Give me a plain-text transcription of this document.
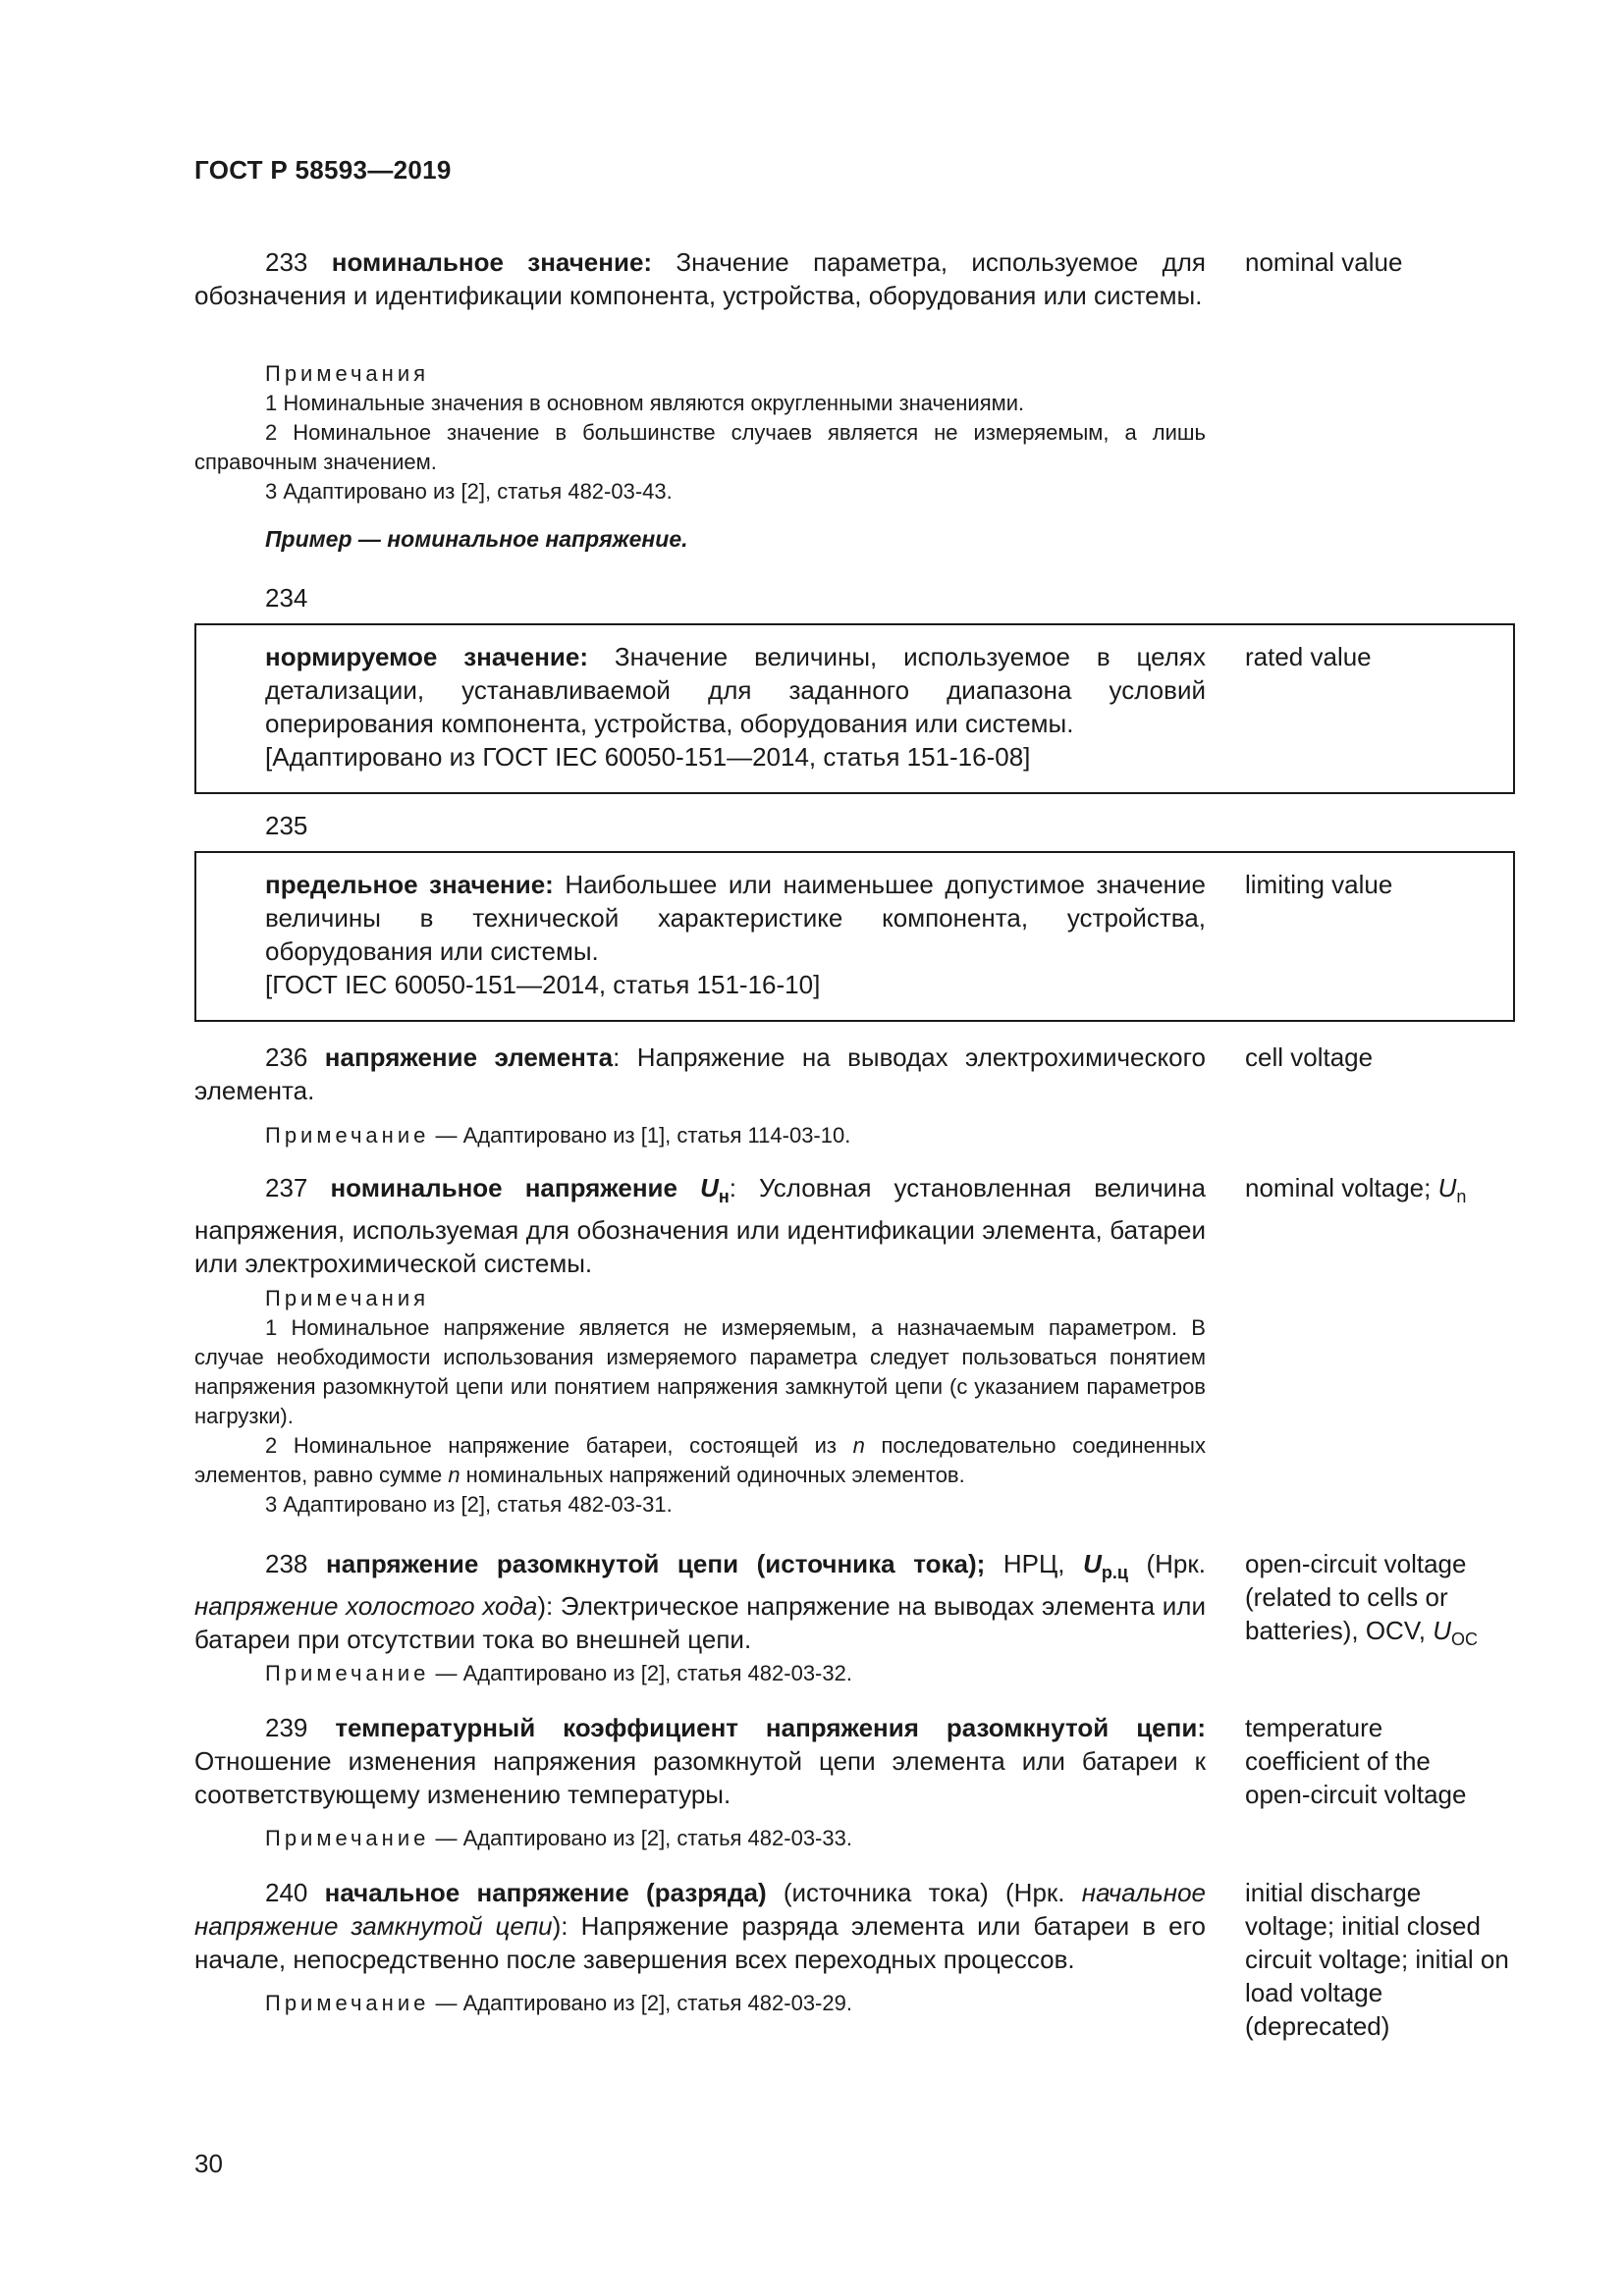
ГОСТ Р 58593—2019

233 номинальное значение: Значение параметра, используемое для обозначения и идентификации компонента, устройства, оборудования или системы.

nominal value

Примечания

1 Номинальные значения в основном являются округленными значениями.

2 Номинальное значение в большинстве случаев является не измеряемым, а лишь справочным значением.

3 Адаптировано из [2], статья 482-03-43.

Пример — номинальное напряжение.
234

нормируемое значение: Значение величины, используемое в целях детализации, устанавливаемой для заданного диапазона условий оперирования компонента, устройства, оборудования или системы.

[Адаптировано из ГОСТ IEC 60050-151—2014, статья 151-16-08]

rated value
235

предельное значение: Наибольшее или наименьшее допустимое значение величины в технической характеристике компонента, устройства, оборудования или системы.

[ГОСТ IEC 60050-151—2014, статья 151-16-10]

limiting value

236 напряжение элемента: Напряжение на выводах электрохимического элемента.

cell voltage

Примечание — Адаптировано из [1], статья 114-03-10.

237 номинальное напряжение $U_н$: Условная установленная величина напряжения, используемая для обозначения или идентификации элемента, батареи или электрохимической системы.

nominal voltage; $U_n$

Примечания

1 Номинальное напряжение является не измеряемым, а назначаемым параметром. В случае необходимости использования измеряемого параметра следует пользоваться понятием напряжения разомкнутой цепи или понятием напряжения замкнутой цепи (с указанием параметров нагрузки).

2 Номинальное напряжение батареи, состоящей из n последовательно соединенных элементов, равно сумме n номинальных напряжений одиночных элементов.

3 Адаптировано из [2], статья 482-03-31.

238 напряжение разомкнутой цепи (источника тока); НРЦ, $U_{р.ц}$ (Нрк. напряжение холостого хода): Электрическое напряжение на выводах элемента или батареи при отсутствии тока во внешней цепи.

open-circuit voltage (related to cells or batteries), OCV, $U_{OC}$

Примечание — Адаптировано из [2], статья 482-03-32.

239 температурный коэффициент напряжения разомкнутой цепи: Отношение изменения напряжения разомкнутой цепи элемента или батареи к соответствующему изменению температуры.

temperature coefficient of the open-circuit voltage

Примечание — Адаптировано из [2], статья 482-03-33.

240 начальное напряжение (разряда) (источника тока) (Нрк. начальное напряжение замкнутой цепи): Напряжение разряда элемента или батареи в его начале, непосредственно после завершения всех переходных процессов.

initial discharge voltage; initial closed circuit voltage; initial on load voltage (deprecated)

Примечание — Адаптировано из [2], статья 482-03-29.

30
